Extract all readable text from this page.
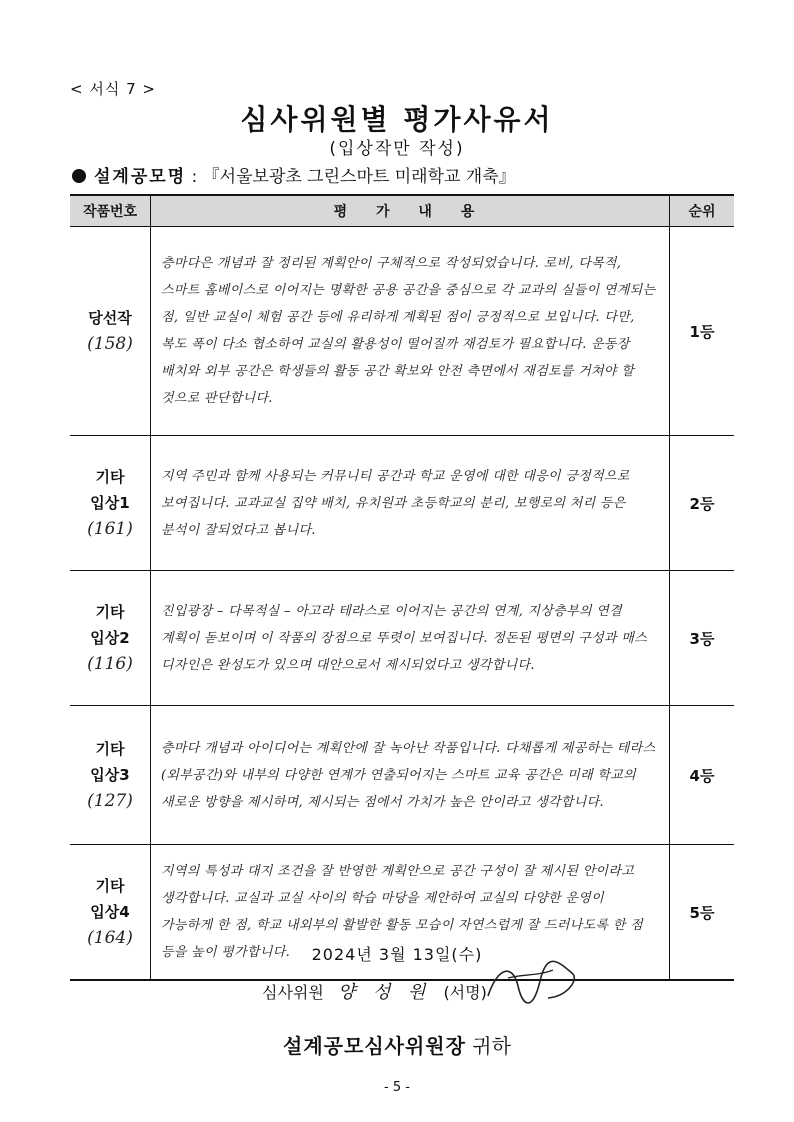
< 서식 7 >
심사위원별 평가사유서
(입상작만 작성)
설계공모명 : 『서울보광초 그린스마트 미래학교 개축』
작품번호	평 가 내 용	순위

당선작
(158)	층마다은 개념과 잘 정리된 계획안이 구체적으로 작성되었습니다. 로비, 다목적, 스마트 홈베이스로 이어지는 명확한 공용 공간을 중심으로 각 교과의 실들이 연계되는 점, 일반 교실이 체험 공간 등에 유리하게 계획된 점이 긍정적으로 보입니다. 다만, 복도 폭이 다소 협소하여 교실의 활용성이 떨어질까 재검토가 필요합니다. 운동장 배치와 외부 공간은 학생들의 활동 공간 확보와 안전 측면에서 재검토를 거쳐야 할 것으로 판단합니다.	1등

기타
입상1
(161)	지역 주민과 함께 사용되는 커뮤니티 공간과 학교 운영에 대한 대응이 긍정적으로 보여집니다. 교과교실 집약 배치, 유치원과 초등학교의 분리, 보행로의 처리 등은 분석이 잘되었다고 봅니다.	2등

기타
입상2
(116)	진입광장 – 다목적실 – 아고라 테라스로 이어지는 공간의 연계, 지상층부의 연결 계획이 돋보이며 이 작품의 장점으로 뚜렷이 보여집니다. 정돈된 평면의 구성과 매스 디자인은 완성도가 있으며 대안으로서 제시되었다고 생각합니다.	3등

기타
입상3
(127)	층마다 개념과 아이디어는 계획안에 잘 녹아난 작품입니다. 다채롭게 제공하는 테라스(외부공간)와 내부의 다양한 연계가 연출되어지는 스마트 교육 공간은 미래 학교의 새로운 방향을 제시하며, 제시되는 점에서 가치가 높은 안이라고 생각합니다.	4등

기타
입상4
(164)	지역의 특성과 대지 조건을 잘 반영한 계획안으로 공간 구성이 잘 제시된 안이라고 생각합니다. 교실과 교실 사이의 학습 마당을 제안하여 교실의 다양한 운영이 가능하게 한 점, 학교 내외부의 활발한 활동 모습이 자연스럽게 잘 드러나도록 한 점 등을 높이 평가합니다.	5등
2024년 3월 13일(수)
심사위원 양 성 원 (서명)
설계공모심사위원장 귀하
- 5 -
